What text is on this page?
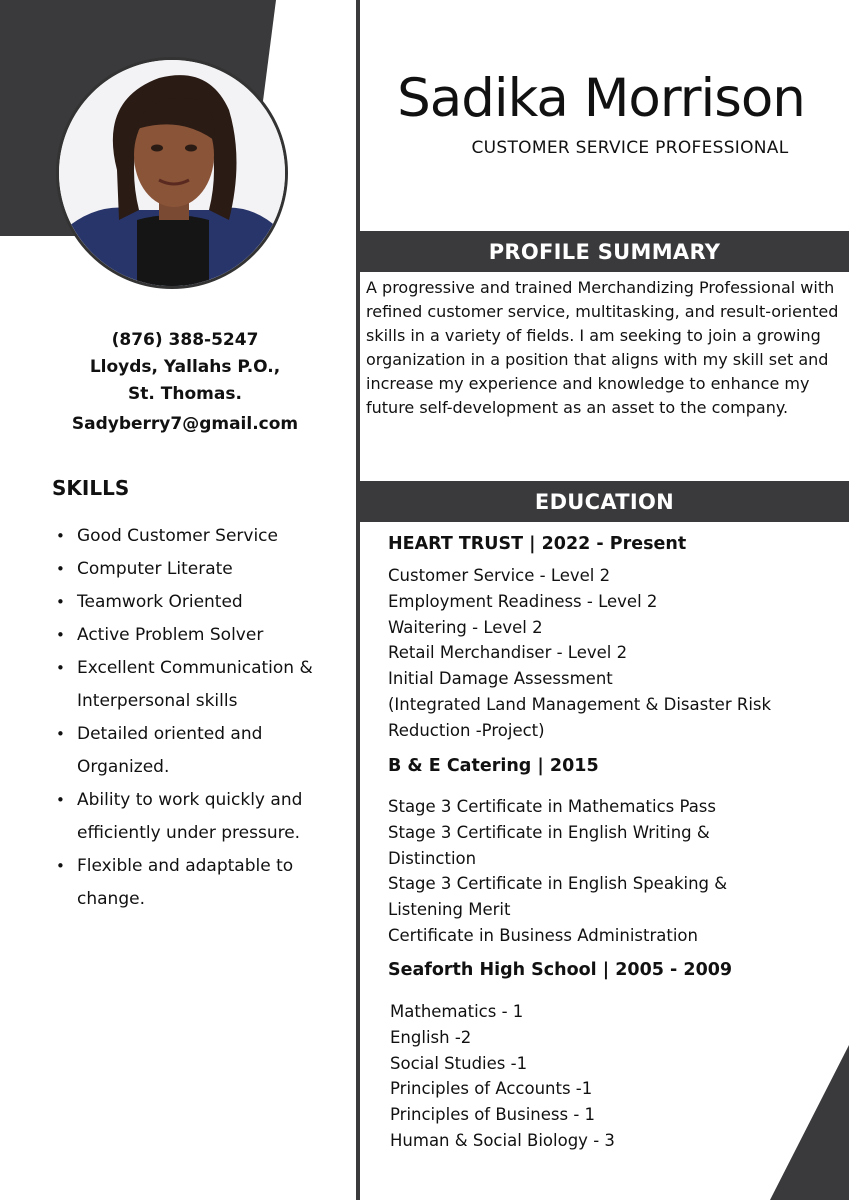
Sadika Morrison
CUSTOMER SERVICE PROFESSIONAL
(876) 388-5247
Lloyds, Yallahs P.O.,
St. Thomas.
Sadyberry7@gmail.com
SKILLS
• Good Customer Service
• Computer Literate
• Teamwork Oriented
• Active Problem Solver
• Excellent Communication & Interpersonal skills
• Detailed oriented and Organized.
• Ability to work quickly and efficiently under pressure.
• Flexible and adaptable to change.
PROFILE SUMMARY
A progressive and trained Merchandizing Professional with refined customer service, multitasking, and result-oriented skills in a variety of fields. I am seeking to join a growing organization in a position that aligns with my skill set and increase my experience and knowledge to enhance my future self-development as an asset to the company.
EDUCATION
HEART TRUST | 2022 - Present
Customer Service - Level 2
Employment Readiness - Level 2
Waitering - Level 2
Retail Merchandiser - Level 2
Initial Damage Assessment
(Integrated Land Management & Disaster Risk
Reduction -Project)
B & E Catering | 2015
Stage 3 Certificate in Mathematics Pass
Stage 3 Certificate in English Writing &
Distinction
Stage 3 Certificate in English Speaking &
Listening Merit
Certificate in Business Administration
Seaforth High School | 2005 - 2009
Mathematics - 1
English -2
Social Studies -1
Principles of Accounts -1
Principles of Business - 1
Human & Social Biology - 3
